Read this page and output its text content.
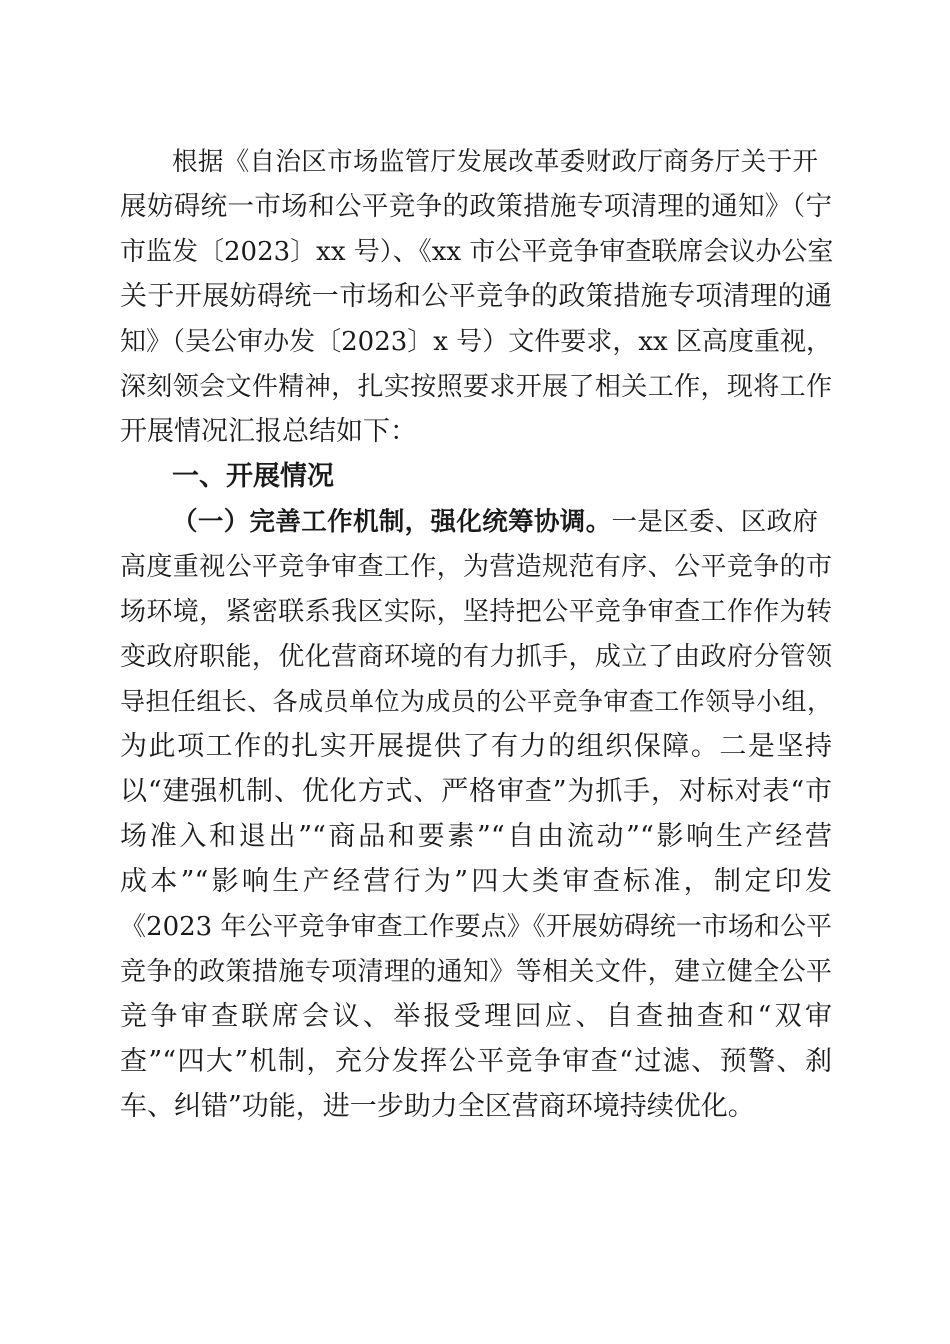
根据《自治区市场监管厅发展改革委财政厅商务厅关于开

展妨碍统一市场和公平竞争的政策措施专项清理的通知》（宁

市监发〔2023〕xx 号）、《xx 市公平竞争审查联席会议办公室

关于开展妨碍统一市场和公平竞争的政策措施专项清理的通

知》（吴公审办发〔2023〕x 号）文件要求，xx 区高度重视，

深刻领会文件精神，扎实按照要求开展了相关工作，现将工作

开展情况汇报总结如下：

一、开展情况

（一）完善工作机制，强化统筹协调。一是区委、区政府

高度重视公平竞争审查工作，为营造规范有序、公平竞争的市

场环境，紧密联系我区实际，坚持把公平竞争审查工作作为转

变政府职能，优化营商环境的有力抓手，成立了由政府分管领

导担任组长、各成员单位为成员的公平竞争审查工作领导小组，

为此项工作的扎实开展提供了有力的组织保障。二是坚持

以“建强机制、优化方式、严格审查”为抓手，对标对表“市

场准入和退出”“商品和要素”“自由流动”“影响生产经营

成本”“影响生产经营行为”四大类审查标准，制定印发

《2023 年公平竞争审查工作要点》《开展妨碍统一市场和公平

竞争的政策措施专项清理的通知》等相关文件，建立健全公平

竞争审查联席会议、举报受理回应、自查抽查和“双审

查”“四大”机制，充分发挥公平竞争审查“过滤、预警、刹

车、纠错”功能，进一步助力全区营商环境持续优化。
